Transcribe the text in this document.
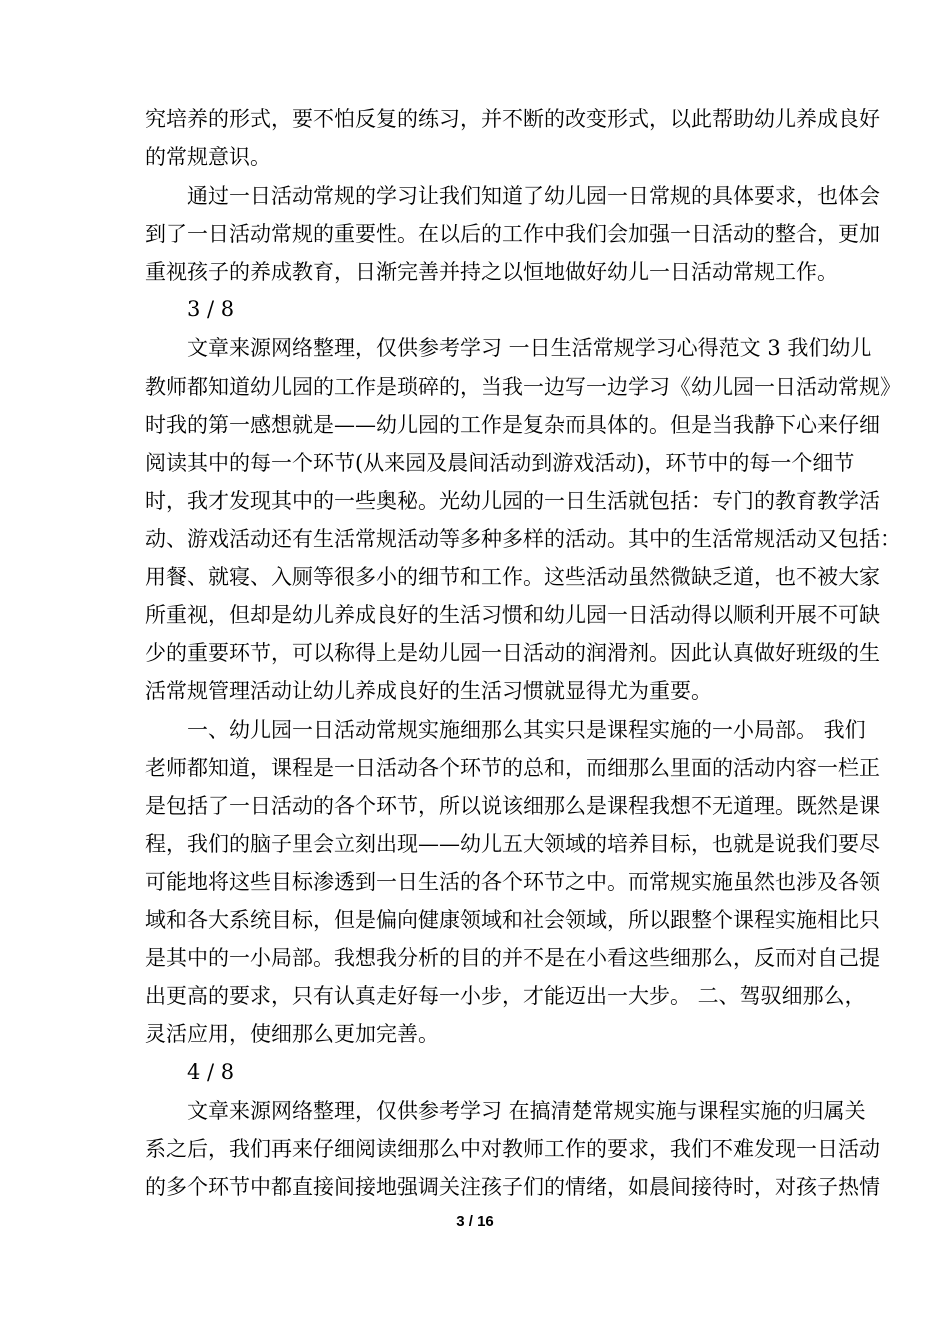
究培养的形式，要不怕反复的练习，并不断的改变形式，以此帮助幼儿养成良好
的常规意识。
通过一日活动常规的学习让我们知道了幼儿园一日常规的具体要求，也体会
到了一日活动常规的重要性。在以后的工作中我们会加强一日活动的整合，更加
重视孩子的养成教育，日渐完善并持之以恒地做好幼儿一日活动常规工作。
3 / 8
文章来源网络整理，仅供参考学习 一日生活常规学习心得范文 3 我们幼儿
教师都知道幼儿园的工作是琐碎的，当我一边写一边学习《幼儿园一日活动常规》
时我的第一感想就是——幼儿园的工作是复杂而具体的。但是当我静下心来仔细
阅读其中的每一个环节(从来园及晨间活动到游戏活动)，环节中的每一个细节
时，我才发现其中的一些奥秘。光幼儿园的一日生活就包括：专门的教育教学活
动、游戏活动还有生活常规活动等多种多样的活动。其中的生活常规活动又包括：
用餐、就寝、入厕等很多小的细节和工作。这些活动虽然微缺乏道，也不被大家
所重视，但却是幼儿养成良好的生活习惯和幼儿园一日活动得以顺利开展不可缺
少的重要环节，可以称得上是幼儿园一日活动的润滑剂。因此认真做好班级的生
活常规管理活动让幼儿养成良好的生活习惯就显得尤为重要。
一、幼儿园一日活动常规实施细那么其实只是课程实施的一小局部。 我们
老师都知道，课程是一日活动各个环节的总和，而细那么里面的活动内容一栏正
是包括了一日活动的各个环节，所以说该细那么是课程我想不无道理。既然是课
程，我们的脑子里会立刻出现——幼儿五大领域的培养目标，也就是说我们要尽
可能地将这些目标渗透到一日生活的各个环节之中。而常规实施虽然也涉及各领
域和各大系统目标，但是偏向健康领域和社会领域，所以跟整个课程实施相比只
是其中的一小局部。我想我分析的目的并不是在小看这些细那么，反而对自己提
出更高的要求，只有认真走好每一小步，才能迈出一大步。 二、驾驭细那么，
灵活应用，使细那么更加完善。
4 / 8
文章来源网络整理，仅供参考学习 在搞清楚常规实施与课程实施的归属关
系之后，我们再来仔细阅读细那么中对教师工作的要求，我们不难发现一日活动
的多个环节中都直接间接地强调关注孩子们的情绪，如晨间接待时，对孩子热情
3 / 16
